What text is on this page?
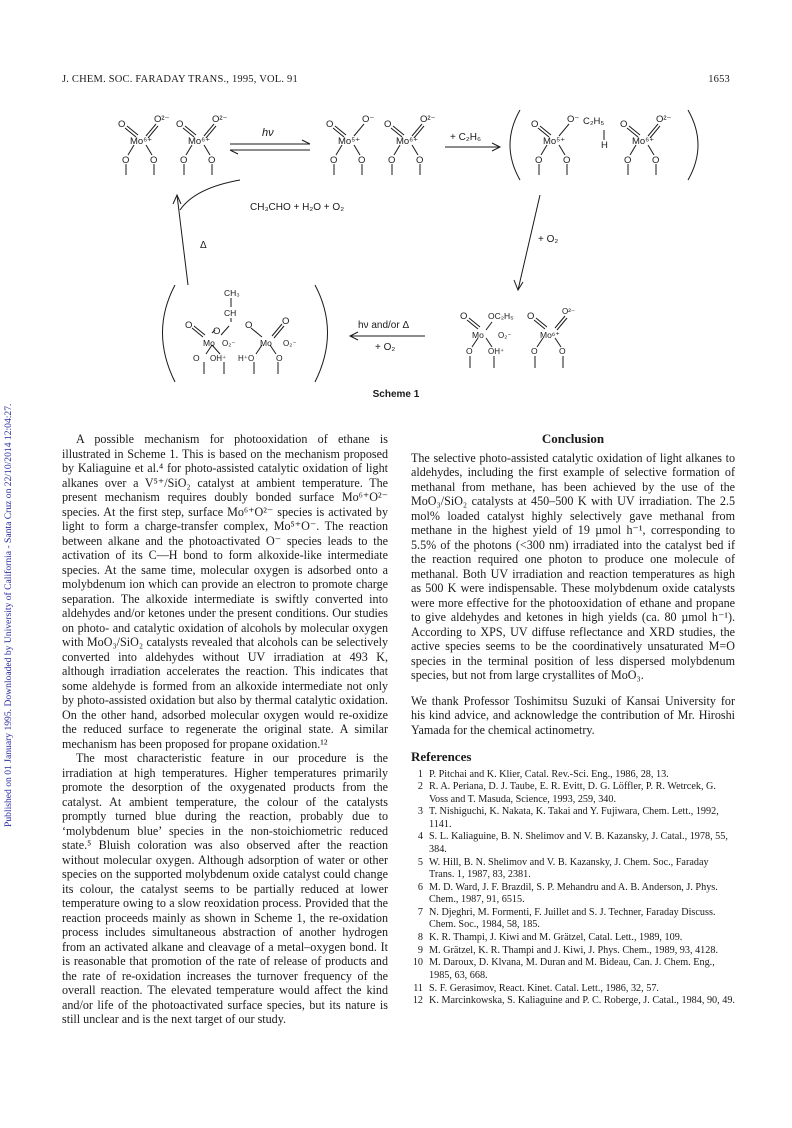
J. CHEM. SOC. FARADAY TRANS., 1995, VOL. 91	1653
Published on 01 January 1995. Downloaded by University of California - Santa Cruz on 22/10/2014 12:04:27.
O	O²⁻
Mo⁶⁺
O O
O	O²⁻
Mo⁶⁺
O O
hν
O	O⁻
Mo⁵⁺
O O
O	O²⁻
Mo⁶⁺
O O
+ C₂H₆
O	O⁻ C₂H₅
H
Mo⁵⁺
O O
O	O²⁻
Mo⁶⁺
O O
+ O₂
CH₃CHO + H₂O + O₂
Δ
hν and/or Δ
+ O₂
CH₃
CH
O
O
O	O
Mo O₂⁻	Mo O₂⁻
O OH⁺ H⁺O	O
O OC₂H₅
Mo O₂⁻
O OH⁺
O	O²⁻
Mo⁶⁺
O	O
Scheme 1

A possible mechanism for photooxidation of ethane is illustrated in Scheme 1. This is based on the mechanism proposed by Kaliaguine et al.⁴ for photo-assisted catalytic oxidation of light alkanes over a V⁵⁺/SiO₂ catalyst at ambient temperature. The present mechanism requires doubly bonded surface Mo⁶⁺O²⁻ species. At the first step, surface Mo⁶⁺O²⁻ species is activated by light to form a charge-transfer complex, Mo⁵⁺O⁻. The reaction between alkane and the photoactivated O⁻ species leads to the activation of its C—H bond to form alkoxide-like intermediate species. At the same time, molecular oxygen is adsorbed onto a molybdenum ion which can provide an electron to promote charge separation. The alkoxide intermediate is swiftly converted into aldehydes and/or ketones under the present conditions. Our studies on photo- and catalytic oxidation of alcohols by molecular oxygen with MoO₃/SiO₂ catalysts revealed that alcohols can be selectively converted into aldehydes without UV irradiation at 493 K, although irradiation accelerates the reaction. This indicates that some aldehyde is formed from an alkoxide intermediate not only by photo-assisted oxidation but also by thermal catalytic oxidation. On the other hand, adsorbed molecular oxygen would re-oxidize the reduced surface to regenerate the original state. A similar mechanism has been proposed for propane oxidation.¹²

The most characteristic feature in our procedure is the irradiation at high temperatures. Higher temperatures primarily promote the desorption of the oxygenated products from the catalyst. At ambient temperature, the colour of the catalysts promptly turned blue during the reaction, probably due to ‘molybdenum blue’ species in the non-stoichiometric reduced state.⁵ Bluish coloration was also observed after the reaction without molecular oxygen. Although adsorption of water or other species on the supported molybdenum oxide catalyst could change its colour, the catalyst seems to be partially reduced at lower temperature owing to a slow reoxidation process. Provided that the reaction proceeds mainly as shown in Scheme 1, the re-oxidation process includes simultaneous abstraction of another hydrogen from an activated alkane and cleavage of a metal–oxygen bond. It is reasonable that promotion of the rate of release of products and the rate of re-oxidation increases the turnover frequency of the overall reaction. The elevated temperature would affect the kind and/or life of the photoactivated surface species, but its nature is still unclear and is the next target of our study.

Conclusion

The selective photo-assisted catalytic oxidation of light alkanes to aldehydes, including the first example of selective formation of methanal from methane, has been achieved by the use of the MoO₃/SiO₂ catalysts at 450–500 K with UV irradiation. The 2.5 mol% loaded catalyst highly selectively gave methanal from methane in the highest yield of 19 µmol h⁻¹, corresponding to 5.5% of the photons (<300 nm) irradiated into the catalyst bed if the reaction required one photon to produce one molecule of methanal. Both UV irradiation and reaction temperatures as high as 500 K were indispensable. These molybdenum oxide catalysts were more effective for the photooxidation of ethane and propane to give aldehydes and ketones in high yields (ca. 80 µmol h⁻¹). According to XPS, UV diffuse reflectance and XRD studies, the active species seems to be the coordinatively unsaturated M=O species in the terminal position of less dispersed molybdenum species, but not from large crystallites of MoO₃.

We thank Professor Toshimitsu Suzuki of Kansai University for his kind advice, and acknowledge the contribution of Mr. Hiroshi Yamada for the chemical actinometry.

References
1 P. Pitchai and K. Klier, Catal. Rev.-Sci. Eng., 1986, 28, 13.
2 R. A. Periana, D. J. Taube, E. R. Evitt, D. G. Löffler, P. R. Wetrcek, G. Voss and T. Masuda, Science, 1993, 259, 340.
3 T. Nishiguchi, K. Nakata, K. Takai and Y. Fujiwara, Chem. Lett., 1992, 1141.
4 S. L. Kaliaguine, B. N. Shelimov and V. B. Kazansky, J. Catal., 1978, 55, 384.
5 W. Hill, B. N. Shelimov and V. B. Kazansky, J. Chem. Soc., Faraday Trans. 1, 1987, 83, 2381.
6 M. D. Ward, J. F. Brazdil, S. P. Mehandru and A. B. Anderson, J. Phys. Chem., 1987, 91, 6515.
7 N. Djeghri, M. Formenti, F. Juillet and S. J. Techner, Faraday Discuss. Chem. Soc., 1984, 58, 185.
8 K. R. Thampi, J. Kiwi and M. Grätzel, Catal. Lett., 1989, 109.
9 M. Grätzel, K. R. Thampi and J. Kiwi, J. Phys. Chem., 1989, 93, 4128.
10 M. Daroux, D. Klvana, M. Duran and M. Bideau, Can. J. Chem. Eng., 1985, 63, 668.
11 S. F. Gerasimov, React. Kinet. Catal. Lett., 1986, 32, 57.
12 K. Marcinkowska, S. Kaliaguine and P. C. Roberge, J. Catal., 1984, 90, 49.
